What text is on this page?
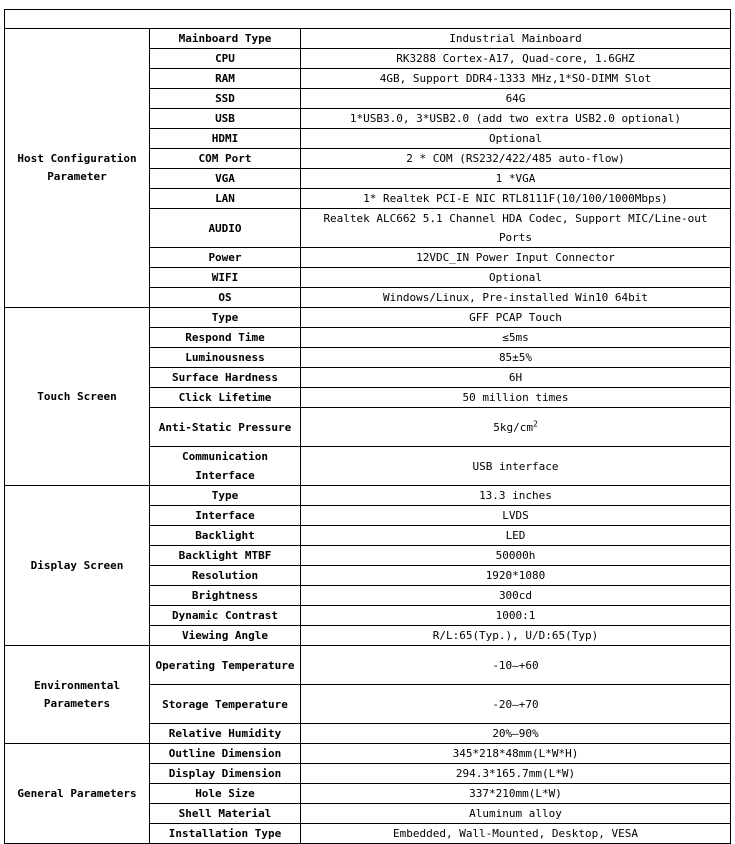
Host Configuration Parameter	Mainboard Type	Industrial Mainboard
	CPU	RK3288 Cortex-A17, Quad-core, 1.6GHZ
	RAM	4GB, Support DDR4-1333 MHz,1*SO-DIMM Slot
	SSD	64G
	USB	1*USB3.0, 3*USB2.0 (add two extra USB2.0 optional)
	HDMI	Optional
	COM Port	2 * COM (RS232/422/485 auto-flow)
	VGA	1 *VGA
	LAN	1* Realtek PCI-E NIC RTL8111F(10/100/1000Mbps)
	AUDIO	Realtek ALC662 5.1 Channel HDA Codec, Support MIC/Line-out Ports
	Power	12VDC_IN Power Input Connector
	WIFI	Optional
	OS	Windows/Linux, Pre-installed Win10 64bit
Touch Screen	Type	GFF PCAP Touch
	Respond Time	≤5ms
	Luminousness	85±5%
	Surface Hardness	6H
	Click Lifetime	50 million times
	Anti-Static Pressure	$5kg/cm^2$
	Communication Interface	USB interface
Display Screen	Type	13.3 inches
	Interface	LVDS
	Backlight	LED
	Backlight MTBF	50000h
	Resolution	1920*1080
	Brightness	300cd
	Dynamic Contrast	1000:1
	Viewing Angle	R/L:65(Typ.), U/D:65(Typ)
Environmental Parameters	Operating Temperature	-10—+60
	Storage Temperature	-20—+70
	Relative Humidity	20%—90%
General Parameters	Outline Dimension	345*218*48mm(L*W*H)
	Display Dimension	294.3*165.7mm(L*W)
	Hole Size	337*210mm(L*W)
	Shell Material	Aluminum alloy
	Installation Type	Embedded, Wall-Mounted, Desktop, VESA
